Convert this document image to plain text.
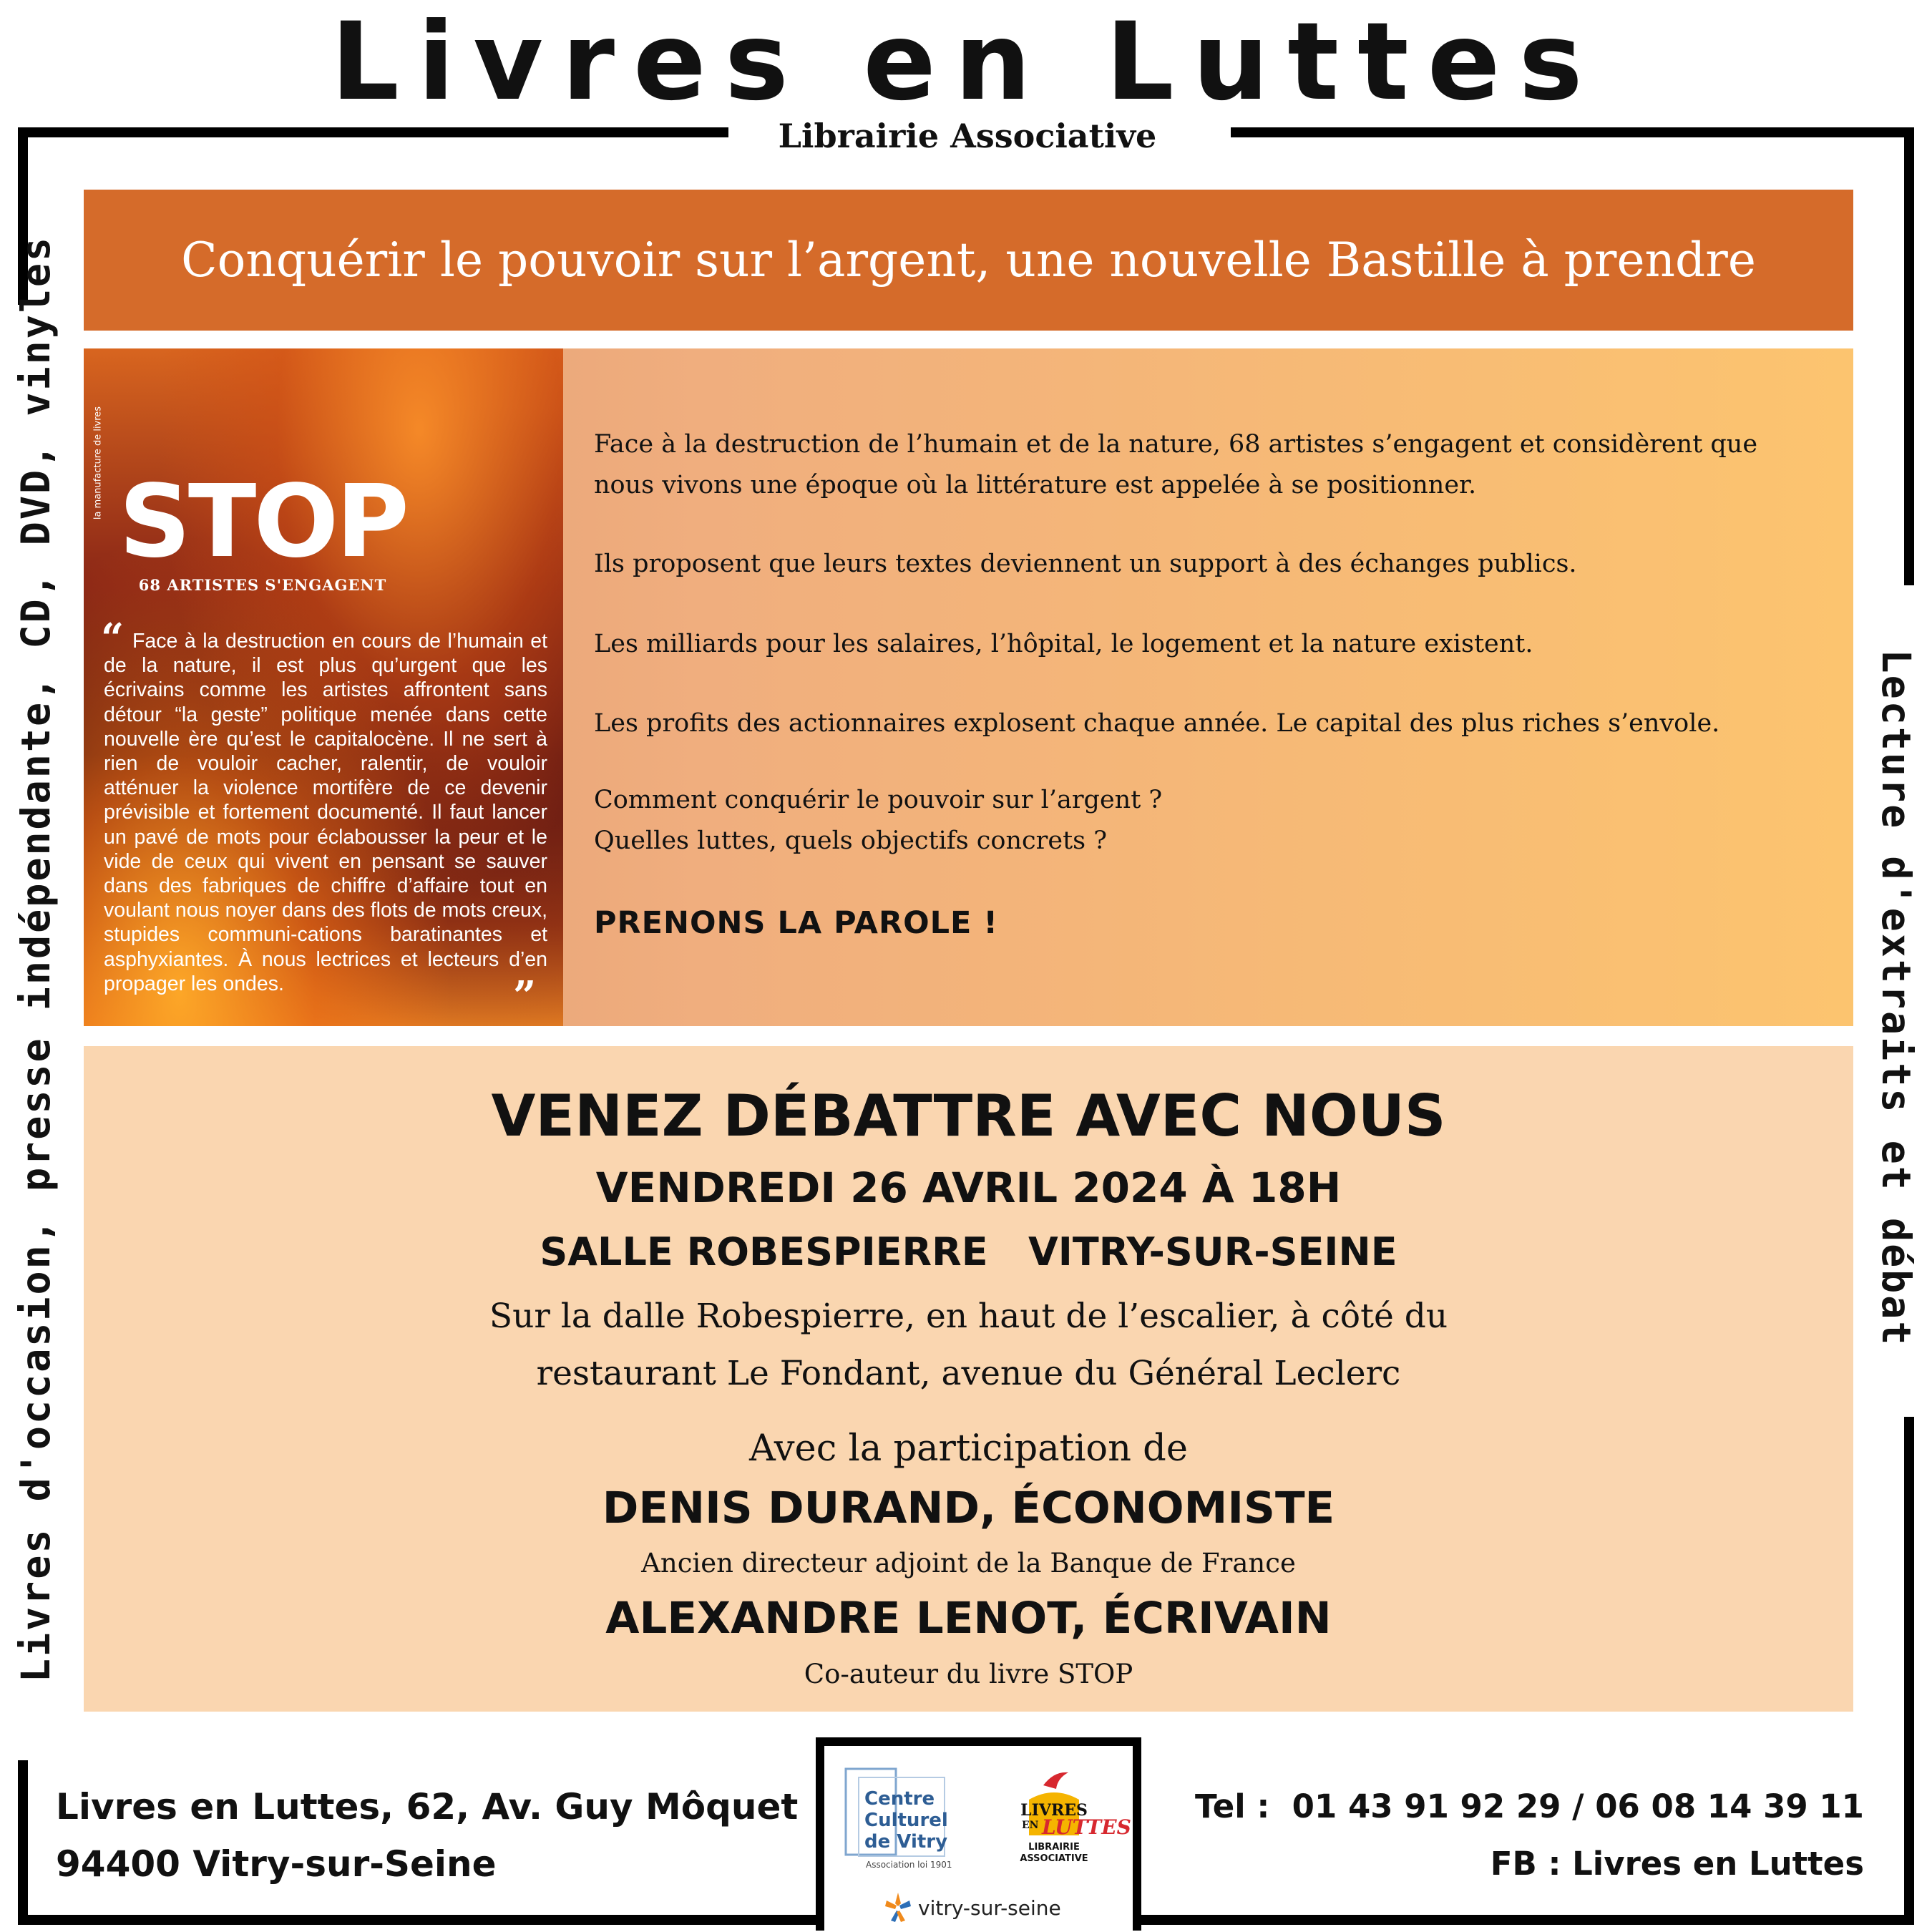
Livres en Luttes
Librairie Associative
Livres d'occasion, presse indépendante, CD, DVD, vinyles	Lecture d'extraits et débat
Conquérir le pouvoir sur l’argent, une nouvelle Bastille à prendre
la manufacture de livres
STOP
68 ARTISTES S'ENGAGENT
“ Face à la destruction en cours de l’humain et de la nature, il est plus qu’urgent que les écrivains comme les artistes affrontent sans détour “la geste” politique menée dans cette nouvelle ère qu’est le capitalocène. Il ne sert à rien de vouloir cacher, ralentir, de vouloir atténuer la violence mortifère de ce devenir prévisible et fortement documenté. Il faut lancer un pavé de mots pour éclabousser la peur et le vide de ceux qui vivent en pensant se sauver dans des fabriques de chiffre d’affaire tout en voulant nous noyer dans des flots de mots creux, stupides communi-cations baratinantes et asphyxiantes. À nous lectrices et lecteurs d’en propager les ondes.	”
Face à la destruction de l’humain et de la nature, 68 artistes s’engagent et considèrent que
nous vivons une époque où la littérature est appelée à se positionner.
Ils proposent que leurs textes deviennent un support à des échanges publics.
Les milliards pour les salaires, l’hôpital, le logement et la nature existent.
Les profits des actionnaires explosent chaque année. Le capital des plus riches s’envole.
Comment conquérir le pouvoir sur l’argent ?
Quelles luttes, quels objectifs concrets ?
PRENONS LA PAROLE !
VENEZ DÉBATTRE AVEC NOUS
VENDREDI 26 AVRIL 2024 À 18H
SALLE ROBESPIERRE   VITRY-SUR-SEINE
Sur la dalle Robespierre, en haut de l’escalier, à côté du
restaurant Le Fondant, avenue du Général Leclerc
Avec la participation de
DENIS DURAND, ÉCONOMISTE
Ancien directeur adjoint de la Banque de France
ALEXANDRE LENOT, ÉCRIVAIN
Co-auteur du livre STOP
Livres en Luttes, 62, Av. Guy Môquet
94400 Vitry-sur-Seine
Tel :  01 43 91 92 29 / 06 08 14 39 11
FB : Livres en Luttes
Centre
Culturel
de Vitry
Association loi 1901
LIVRES
EN LUTTES
LIBRAIRIE
ASSOCIATIVE
vitry-sur-seine
